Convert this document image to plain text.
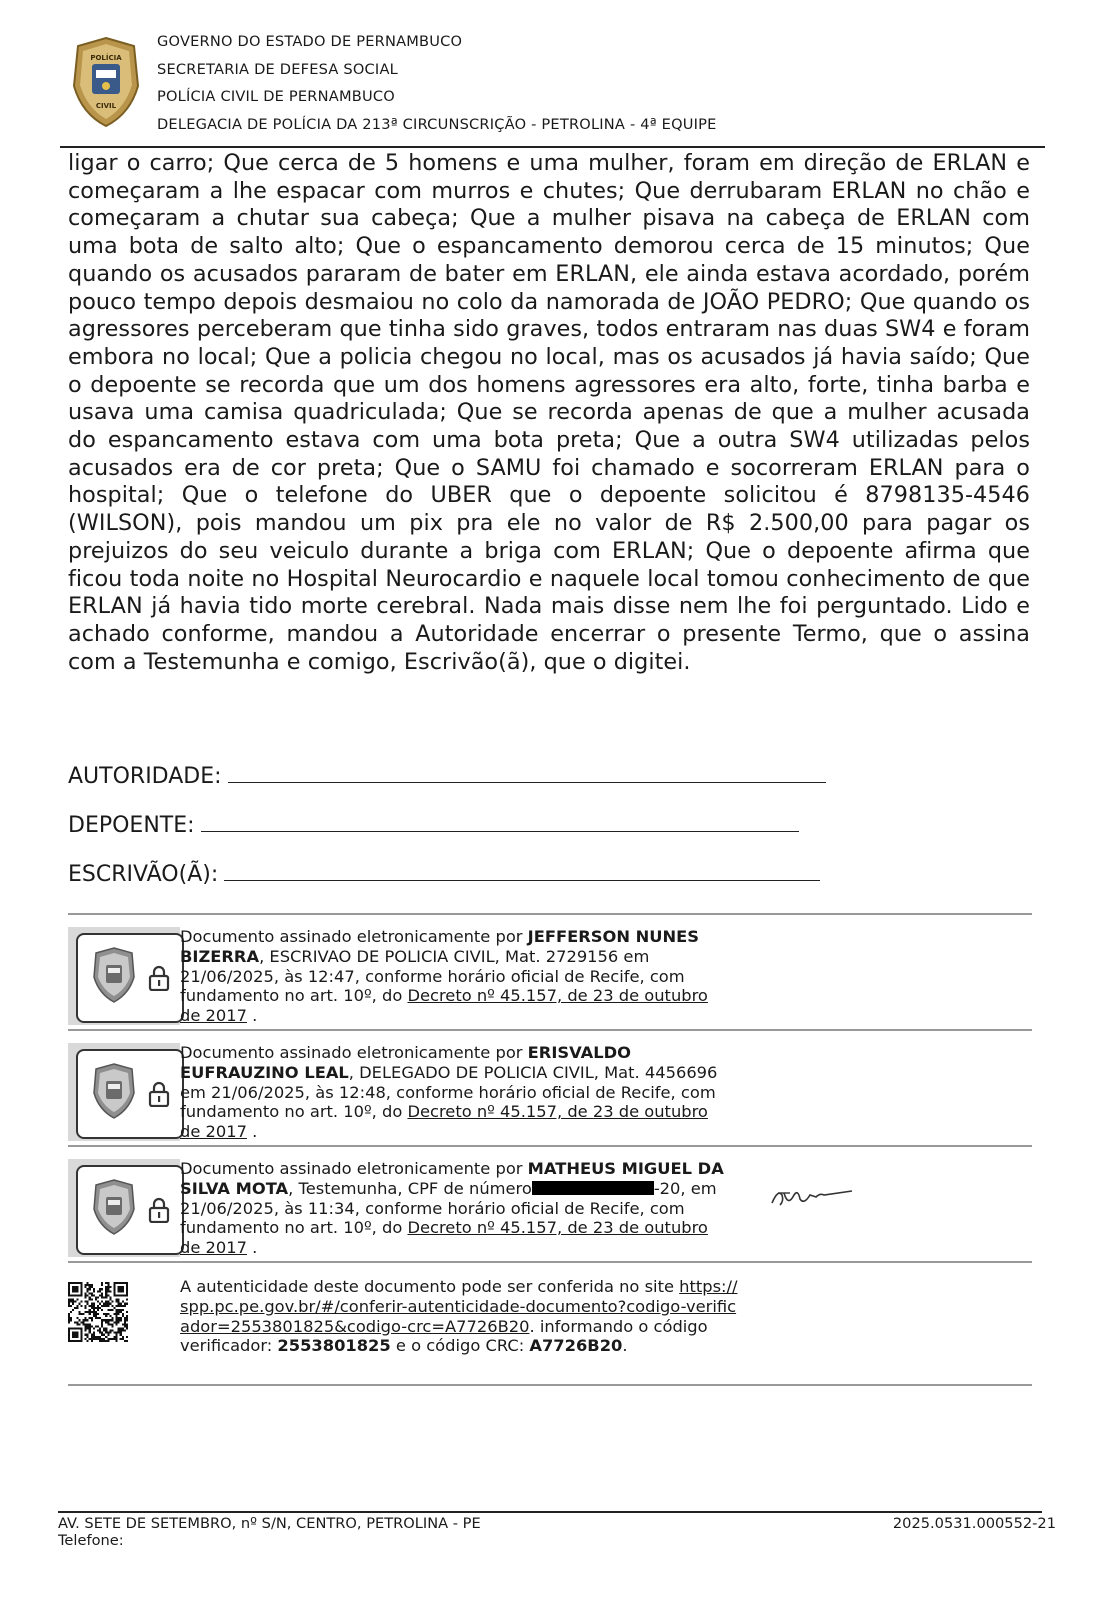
POLÍCIA
CIVIL
GOVERNO DO ESTADO DE PERNAMBUCO
SECRETARIA DE DEFESA SOCIAL
POLÍCIA CIVIL DE PERNAMBUCO
DELEGACIA DE POLÍCIA DA 213ª CIRCUNSCRIÇÃO - PETROLINA - 4ª EQUIPE
ligar o carro; Que cerca de 5 homens e uma mulher, foram em direção de ERLAN e começaram a lhe espacar com murros e chutes; Que derrubaram ERLAN no chão e começaram a chutar sua cabeça; Que a mulher pisava na cabeça de ERLAN com uma bota de salto alto; Que o espancamento demorou cerca de 15 minutos; Que quando os acusados pararam de bater em ERLAN, ele ainda estava acordado, porém pouco tempo depois desmaiou no colo da namorada de JOÃO PEDRO; Que quando os agressores perceberam que tinha sido graves, todos entraram nas duas SW4 e foram embora no local; Que a policia chegou no local, mas os acusados já havia saído; Que o depoente se recorda que um dos homens agressores era alto, forte, tinha barba e usava uma camisa quadriculada; Que se recorda apenas de que a mulher acusada do espancamento estava com uma bota preta; Que a outra SW4 utilizadas pelos acusados era de cor preta; Que o SAMU foi chamado e socorreram ERLAN para o hospital; Que o telefone do UBER que o depoente solicitou é 8798135-4546 (WILSON), pois mandou um pix pra ele no valor de R$ 2.500,00 para pagar os prejuizos do seu veiculo durante a briga com ERLAN; Que o depoente afirma que ficou toda noite no Hospital Neurocardio e naquele local tomou conhecimento de que ERLAN já havia tido morte cerebral. Nada mais disse nem lhe foi perguntado. Lido e achado conforme, mandou a Autoridade encerrar o presente Termo, que o assina com a Testemunha e comigo, Escrivão(ã), que o digitei.
AUTORIDADE:
DEPOENTE:
ESCRIVÃO(Ã):
Documento assinado eletronicamente por JEFFERSON NUNES BIZERRA, ESCRIVAO DE POLICIA CIVIL, Mat. 2729156 em 21/06/2025, às 12:47, conforme horário oficial de Recife, com fundamento no art. 10º, do Decreto nº 45.157, de 23 de outubro de 2017 .
Documento assinado eletronicamente por ERISVALDO EUFRAUZINO LEAL, DELEGADO DE POLICIA CIVIL, Mat. 4456696 em 21/06/2025, às 12:48, conforme horário oficial de Recife, com fundamento no art. 10º, do Decreto nº 45.157, de 23 de outubro de 2017 .
Documento assinado eletronicamente por MATHEUS MIGUEL DA SILVA MOTA, Testemunha, CPF de número	-20, em 21/06/2025, às 11:34, conforme horário oficial de Recife, com fundamento no art. 10º, do Decreto nº 45.157, de 23 de outubro de 2017 .
A autenticidade deste documento pode ser conferida no site https://spp.pc.pe.gov.br/#/conferir-autenticidade-documento?codigo-verificador=2553801825&codigo-crc=A7726B20. informando o código verificador: 2553801825 e o código CRC: A7726B20.
AV. SETE DE SETEMBRO, nº S/N, CENTRO, PETROLINA - PE
Telefone:
2025.0531.000552-21
